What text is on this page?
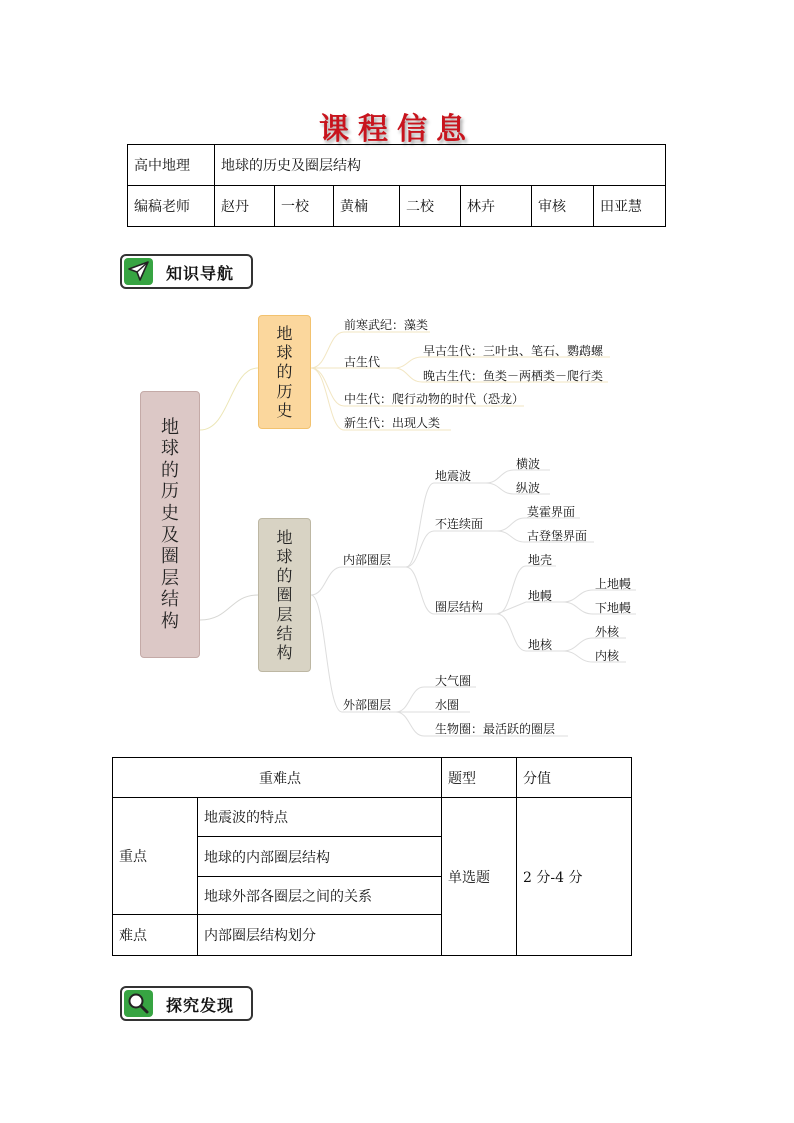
课程信息
高中地理	地球的历史及圈层结构						
编稿老师	赵丹	一校	黄楠	二校	林卉	审核	田亚慧
知识导航
地
球
的
历
史
及
圈
层
结
构
地
球
的
历
史
地
球
的
圈
层
结
构
前寒武纪：藻类
古生代
早古生代：三叶虫、笔石、鹦鹉螺
晚古生代：鱼类－两栖类－爬行类
中生代：爬行动物的时代（恐龙）
新生代：出现人类
内部圈层
地震波
横波
纵波
不连续面
莫霍界面
古登堡界面
圈层结构
地壳
地幔
上地幔
下地幔
地核
外核
内核
外部圈层
大气圈
水圈
生物圈：最活跃的圈层
重难点		题型	分值
重点	地震波的特点	单选题	2 分-4 分
	地球的内部圈层结构		
	地球外部各圈层之间的关系		
难点	内部圈层结构划分		
探究发现
